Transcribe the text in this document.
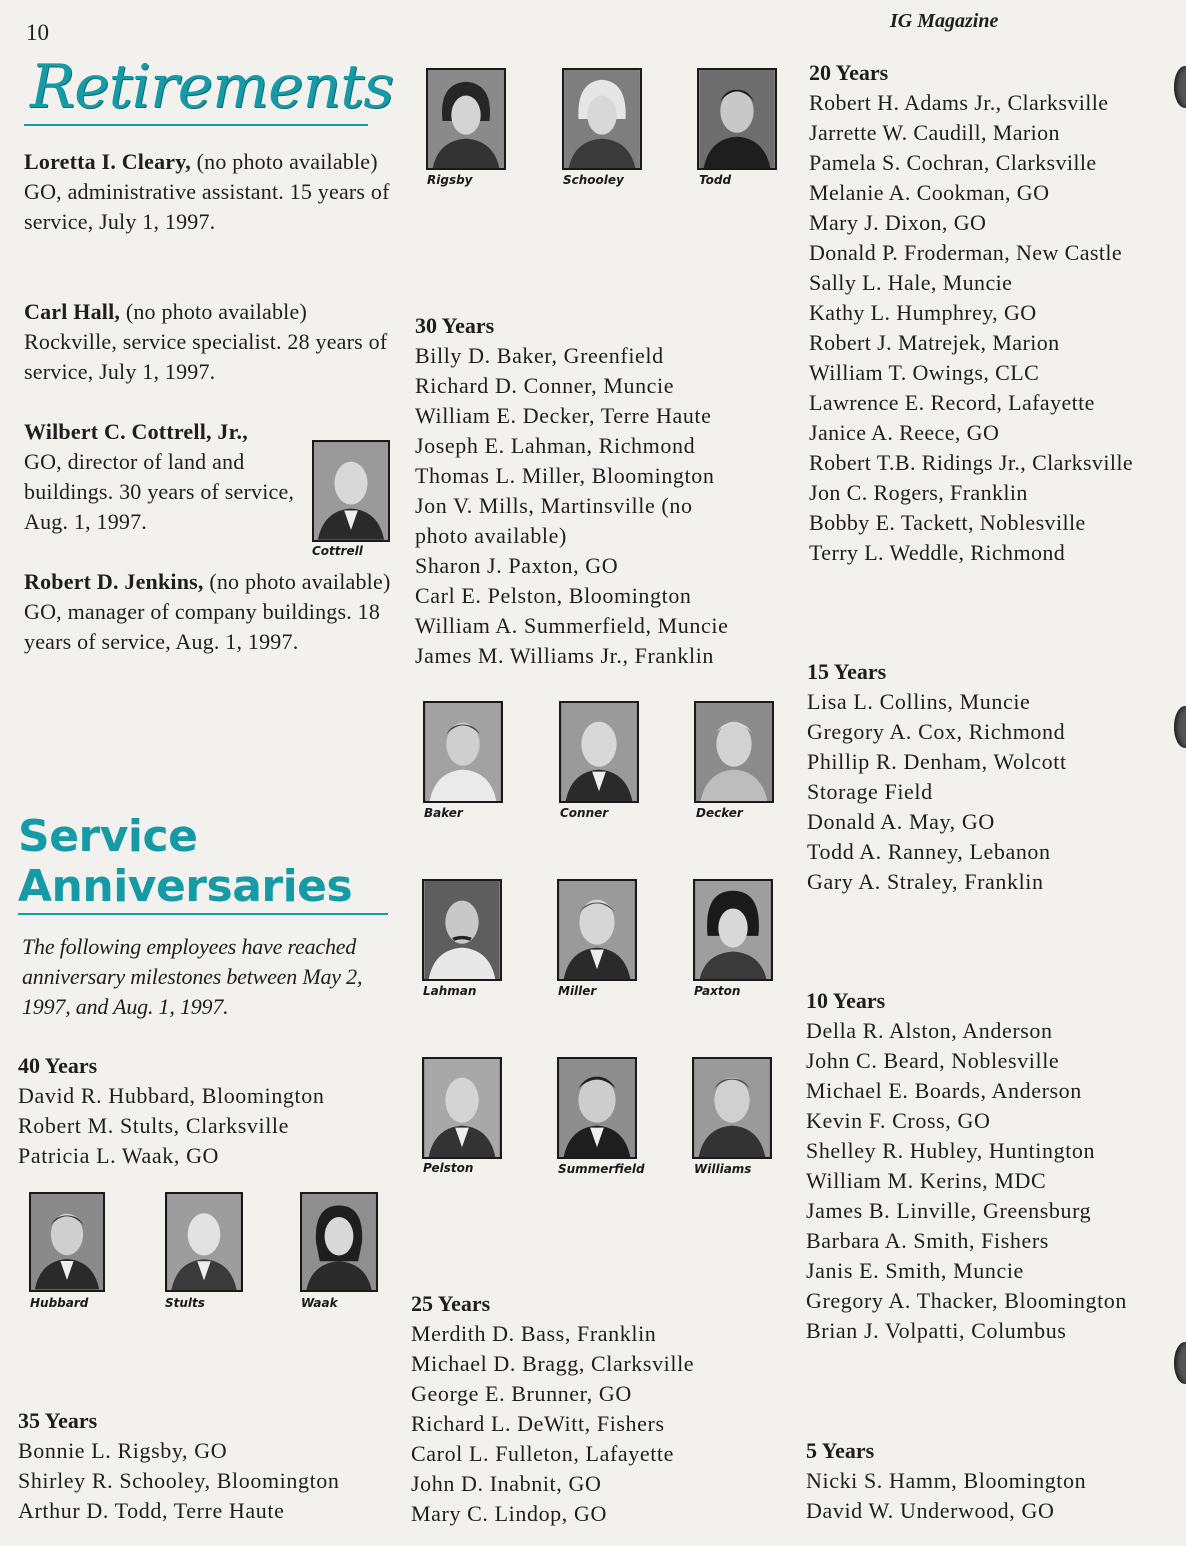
10	IG Magazine
Retirements
Loretta I. Cleary, (no photo available) GO, administrative assistant. 15 years of service, July 1, 1997.
Carl Hall, (no photo available) Rockville, service specialist. 28 years of service, July 1, 1997.
Wilbert C. Cottrell, Jr.,
GO, director of land and buildings. 30 years of service, Aug. 1, 1997.
Robert D. Jenkins, (no photo available) GO, manager of company buildings. 18 years of service, Aug. 1, 1997.
Service
Anniversaries
The following employees have reached anniversary milestones between May 2, 1997, and Aug. 1, 1997.
40 Years
David R. Hubbard, Bloomington
Robert M. Stults, Clarksville
Patricia L. Waak, GO
35 Years
Bonnie L. Rigsby, GO
Shirley R. Schooley, Bloomington
Arthur D. Todd, Terre Haute
30 Years
Billy D. Baker, Greenfield
Richard D. Conner, Muncie
William E. Decker, Terre Haute
Joseph E. Lahman, Richmond
Thomas L. Miller, Bloomington
Jon V. Mills, Martinsville (no
photo available)
Sharon J. Paxton, GO
Carl E. Pelston, Bloomington
William A. Summerfield, Muncie
James M. Williams Jr., Franklin
25 Years
Merdith D. Bass, Franklin
Michael D. Bragg, Clarksville
George E. Brunner, GO
Richard L. DeWitt, Fishers
Carol L. Fulleton, Lafayette
John D. Inabnit, GO
Mary C. Lindop, GO
20 Years
Robert H. Adams Jr., Clarksville
Jarrette W. Caudill, Marion
Pamela S. Cochran, Clarksville
Melanie A. Cookman, GO
Mary J. Dixon, GO
Donald P. Froderman, New Castle
Sally L. Hale, Muncie
Kathy L. Humphrey, GO
Robert J. Matrejek, Marion
William T. Owings, CLC
Lawrence E. Record, Lafayette
Janice A. Reece, GO
Robert T.B. Ridings Jr., Clarksville
Jon C. Rogers, Franklin
Bobby E. Tackett, Noblesville
Terry L. Weddle, Richmond
15 Years
Lisa L. Collins, Muncie
Gregory A. Cox, Richmond
Phillip R. Denham, Wolcott
Storage Field
Donald A. May, GO
Todd A. Ranney, Lebanon
Gary A. Straley, Franklin
10 Years
Della R. Alston, Anderson
John C. Beard, Noblesville
Michael E. Boards, Anderson
Kevin F. Cross, GO
Shelley R. Hubley, Huntington
William M. Kerins, MDC
James B. Linville, Greensburg
Barbara A. Smith, Fishers
Janis E. Smith, Muncie
Gregory A. Thacker, Bloomington
Brian J. Volpatti, Columbus
5 Years
Nicki S. Hamm, Bloomington
David W. Underwood, GO
Cottrell
Hubbard	Stults	Waak
Rigsby	Schooley	Todd
Baker	Conner	Decker
Lahman	Miller	Paxton
Pelston	Summerfield	Williams
